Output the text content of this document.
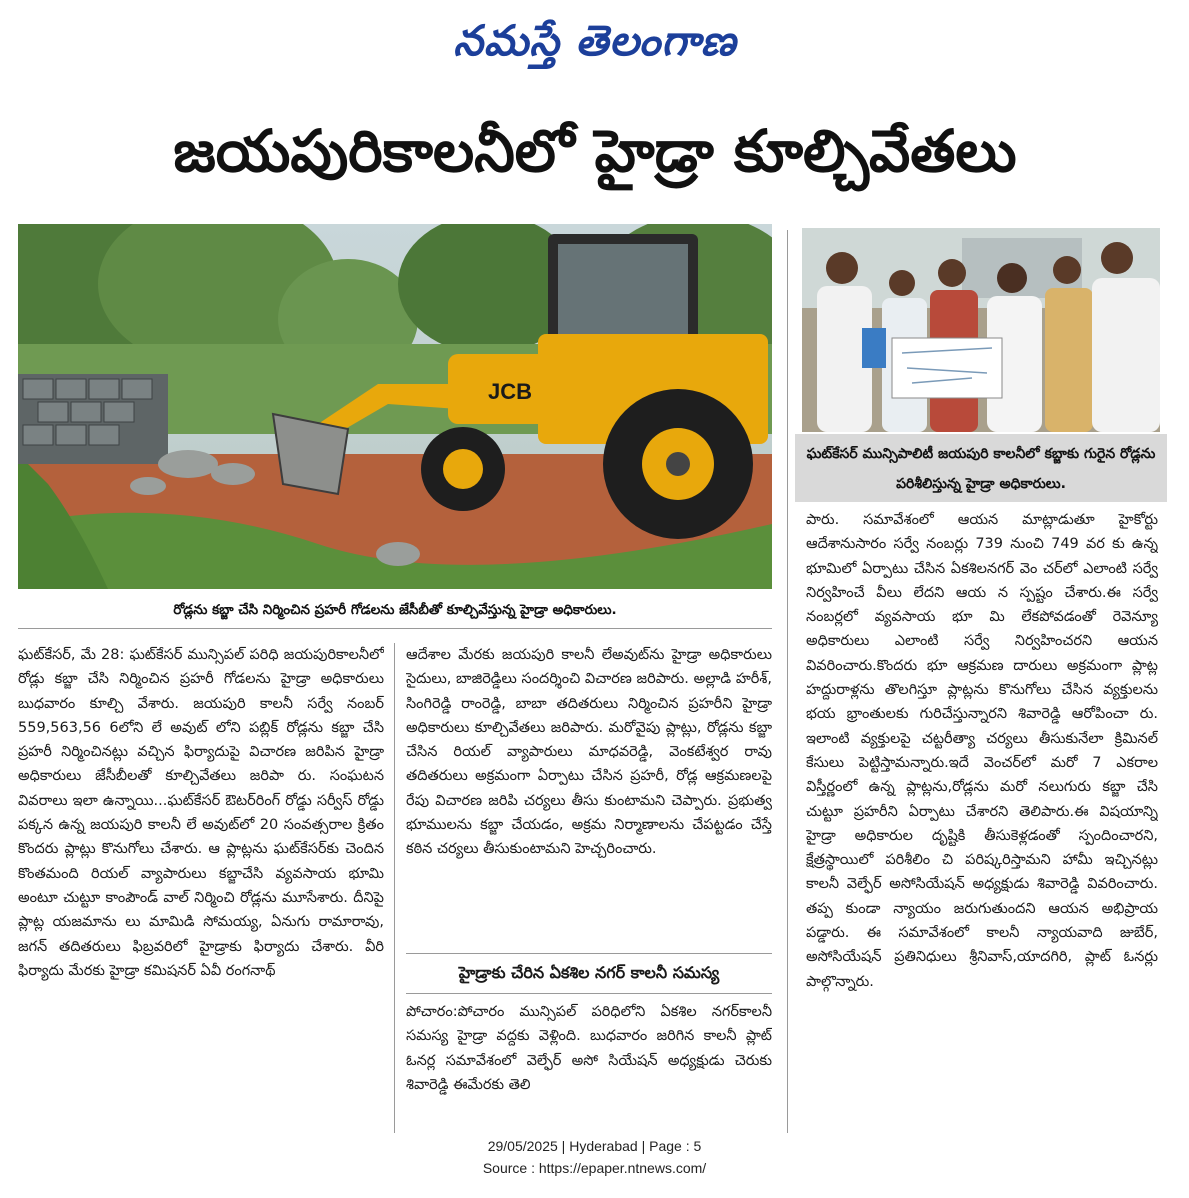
నమస్తే తెలంగాణ
జయపురికాలనీలో హైడ్రా కూల్చివేతలు
JCB
రోడ్లను కబ్జా చేసి నిర్మించిన ప్రహరీ గోడలను జేసీబీతో కూల్చివేస్తున్న హైడ్రా అధికారులు.
ఘట్‌కేసర్ మున్సిపాలిటీ జయపురి కాలనీలో కబ్జాకు గురైన రోడ్లను పరిశీలిస్తున్న హైడ్రా అధికారులు.
ఘట్‌కేసర్, మే 28: ఘట్‌కేసర్ మున్సిపల్ పరిధి జయపురికాలనీలో రోడ్లు కబ్జా చేసి నిర్మించిన ప్రహరీ గోడలను హైడ్రా అధికారులు బుధవారం కూల్చి వేశారు. జయపురి కాలనీ సర్వే నంబర్ 559,563,56 6లోని లే అవుట్ లోని పబ్లిక్ రోడ్లను కబ్జా చేసి ప్రహరీ నిర్మించినట్లు వచ్చిన ఫిర్యాదుపై విచారణ జరిపిన హైడ్రా అధికారులు జేసీబీలతో కూల్చివేతలు జరిపా రు. సంఘటన వివరాలు ఇలా ఉన్నాయి...ఘట్‌కేసర్ ఔటర్‌రింగ్ రోడ్డు సర్వీస్ రోడ్డు పక్కన ఉన్న జయపురి కాలనీ లే అవుట్‌లో 20 సంవత్సరాల క్రితం కొందరు ప్లాట్లు కొనుగోలు చేశారు. ఆ ప్లాట్లను ఘట్‌కేసర్‌కు చెందిన కొంతమంది రియల్ వ్యాపారులు కబ్జాచేసి వ్యవసాయ భూమి అంటూ చుట్టూ కాంపౌండ్ వాల్ నిర్మించి రోడ్లను మూసేశారు. దీనిపై ప్లాట్ల యజమాను లు మామిడి సోమయ్య, ఏనుగు రామారావు, జగన్ తదితరులు ఫిబ్రవరిలో హైడ్రాకు ఫిర్యాదు చేశారు. వీరి ఫిర్యాదు మేరకు హైడ్రా కమిషనర్ ఏవీ రంగనాథ్
ఆదేశాల మేరకు జయపురి కాలనీ లేఅవుట్‌ను హైడ్రా అధికారులు సైదులు, బాజిరెడ్డిలు సందర్శించి విచారణ జరిపారు. అల్లాడి హరీశ్, సింగిరెడ్డి రాంరెడ్డి, బాబా తదితరులు నిర్మించిన ప్రహరీని హైడ్రా అధికారులు కూల్చివేతలు జరిపారు. మరోవైపు ప్లాట్లు, రోడ్లను కబ్జా చేసిన రియల్ వ్యాపారులు మాధవరెడ్డి, వెంకటేశ్వర రావు తదితరులు అక్రమంగా ఏర్పాటు చేసిన ప్రహరీ, రోడ్ల ఆక్రమణలపై రేపు విచారణ జరిపి చర్యలు తీసు కుంటామని చెప్పారు. ప్రభుత్వ భూములను కబ్జా చేయడం, అక్రమ నిర్మాణాలను చేపట్టడం చేస్తే కఠిన చర్యలు తీసుకుంటామని హెచ్చరించారు.
హైడ్రాకు చేరిన ఏకశిల నగర్ కాలనీ సమస్య
పోచారం:పోచారం మున్సిపల్ పరిధిలోని ఏకశిల నగర్‌కాలనీ సమస్య హైడ్రా వద్దకు వెళ్లింది. బుధవారం జరిగిన కాలనీ ప్లాట్ ఓనర్ల సమావేశంలో వెల్ఫేర్ అసో సియేషన్ అధ్యక్షుడు చెరుకు శివారెడ్డి ఈమేరకు తెలి
పారు. సమావేశంలో ఆయన మాట్లాడుతూ హైకోర్టు ఆదేశానుసారం సర్వే నంబర్లు 739 నుంచి 749 వర కు ఉన్న భూమిలో ఏర్పాటు చేసిన ఏకశిలనగర్ వెం చర్‌లో ఎలాంటి సర్వే నిర్వహించే వీలు లేదని ఆయ న స్పష్టం చేశారు.ఈ సర్వే నంబర్లలో వ్యవసాయ భూ మి లేకపోవడంతో రెవెన్యూ అధికారులు ఎలాంటి సర్వే నిర్వహించరని ఆయన వివరించారు.కొందరు భూ ఆక్రమణ దారులు అక్రమంగా ప్లాట్ల హద్దురాళ్లను తొలగిస్తూ ప్లాట్లను కొనుగోలు చేసిన వ్యక్తులను భయ భ్రాంతులకు గురిచేస్తున్నారని శివారెడ్డి ఆరోపించా రు. ఇలాంటి వ్యక్తులపై చట్టరీత్యా చర్యలు తీసుకునేలా క్రిమినల్ కేసులు పెట్టిస్తామన్నారు.ఇదే వెంచర్‌లో మరో 7 ఎకరాల విస్తీర్ణంలో ఉన్న ప్లాట్లను,రోడ్లను మరో నలుగురు కబ్జా చేసి చుట్టూ ప్రహరీని ఏర్పాటు చేశారని తెలిపారు.ఈ విషయాన్ని హైడ్రా అధికారుల దృష్టికి తీసుకెళ్లడంతో స్పందించారని, క్షేత్రస్థాయిలో పరిశీలిం చి పరిష్కరిస్తామని హామీ ఇచ్చినట్లు కాలనీ వెల్ఫేర్ అసోసియేషన్ అధ్యక్షుడు శివారెడ్డి వివరించారు. తప్ప కుండా న్యాయం జరుగుతుందని ఆయన అభిప్రాయ పడ్డారు. ఈ సమావేశంలో కాలనీ న్యాయవాది జుబేర్, అసోసియేషన్ ప్రతినిధులు శ్రీనివాస్,యాదగిరి, ప్లాట్ ఓనర్లు పాల్గొన్నారు.
29/05/2025 | Hyderabad | Page : 5
Source : https://epaper.ntnews.com/
